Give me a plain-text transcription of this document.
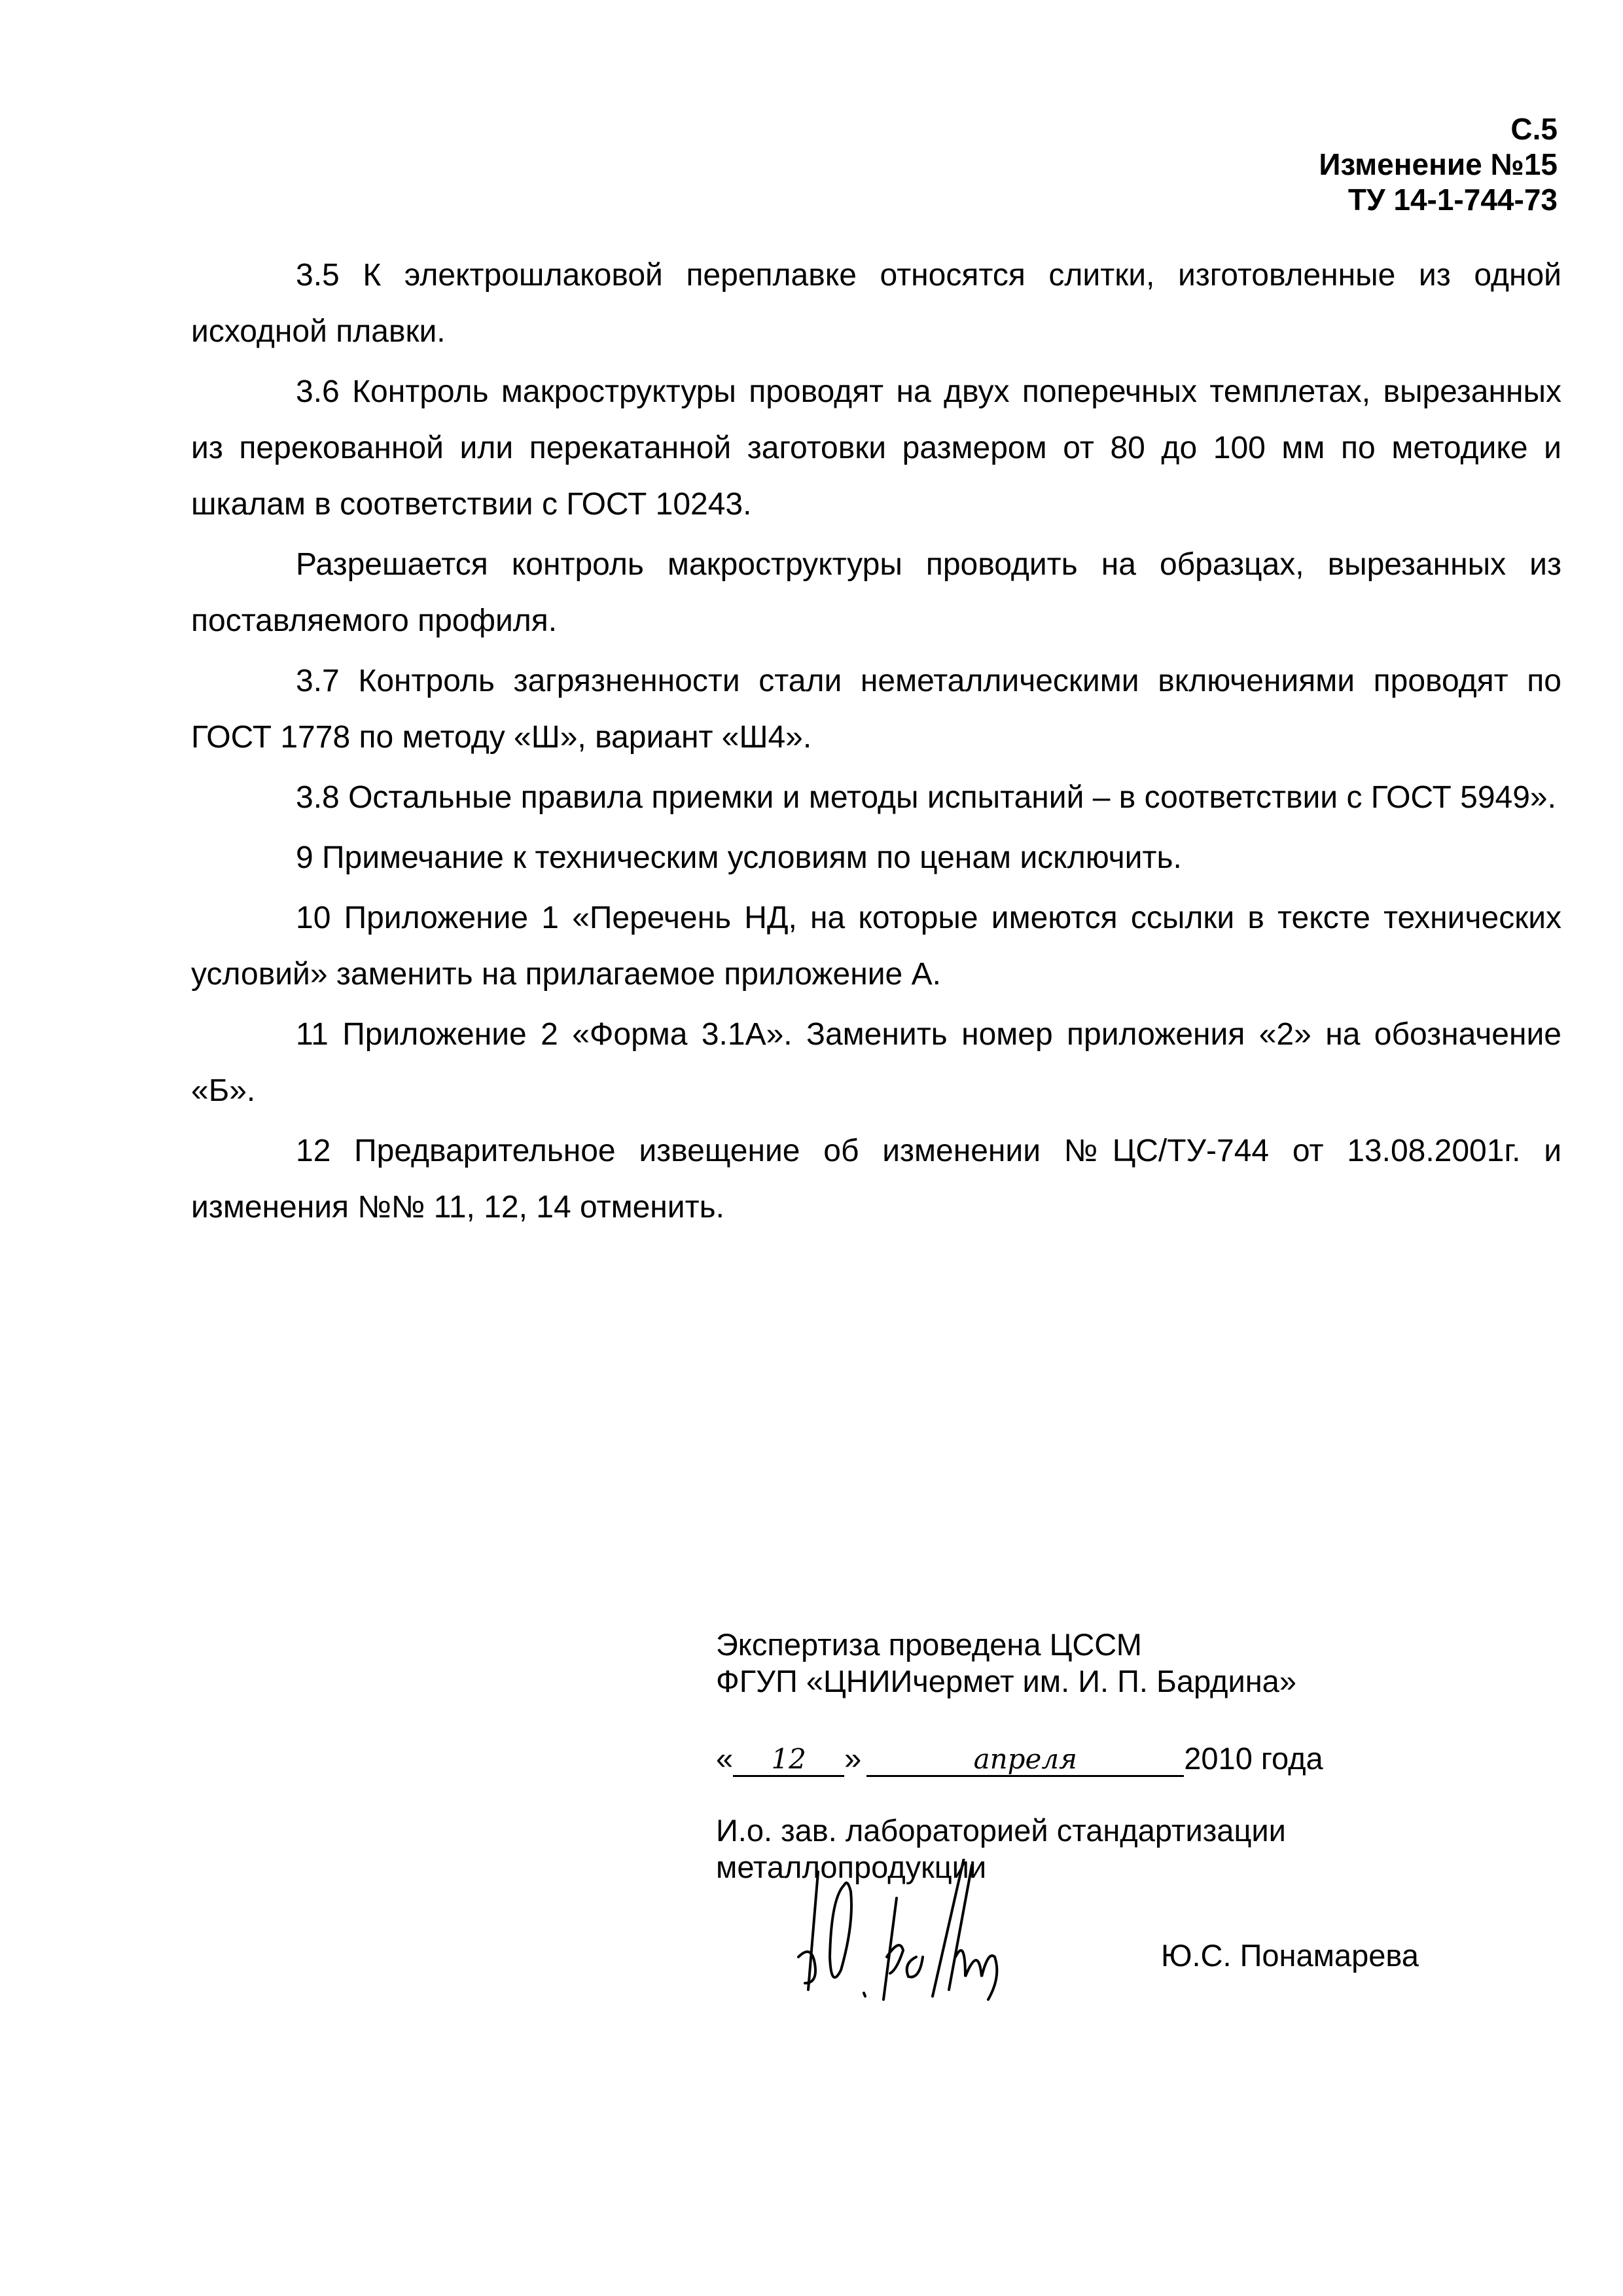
С.5
Изменение №15
ТУ 14-1-744-73

3.5 К электрошлаковой переплавке относятся слитки, изготовленные из одной исходной плавки.

3.6 Контроль макроструктуры проводят на двух поперечных темплетах, вырезанных из перекованной или перекатанной заготовки размером от 80 до 100 мм по методике и шкалам в соответствии с ГОСТ 10243.

Разрешается контроль макроструктуры проводить на образцах, вырезанных из поставляемого профиля.

3.7 Контроль загрязненности стали неметаллическими включениями проводят по ГОСТ 1778 по методу «Ш», вариант «Ш4».

3.8 Остальные правила приемки и методы испытаний – в соответствии с ГОСТ 5949».

9 Примечание к техническим условиям по ценам исключить.

10 Приложение 1 «Перечень НД, на которые имеются ссылки в тексте технических условий» заменить на прилагаемое приложение А.

11 Приложение 2 «Форма 3.1А». Заменить номер приложения «2» на обозначение «Б».

12 Предварительное извещение об изменении №ЦС/ТУ-744 от 13.08.2001г. и изменения №№ 11, 12, 14 отменить.

Экспертиза проведена ЦССМ
ФГУП «ЦНИИчермет им. И. П. Бардина»
«	12	»	апреля	2010 года
И.о. зав. лабораторией стандартизации
металлопродукции
Ю.С. Понамарева
